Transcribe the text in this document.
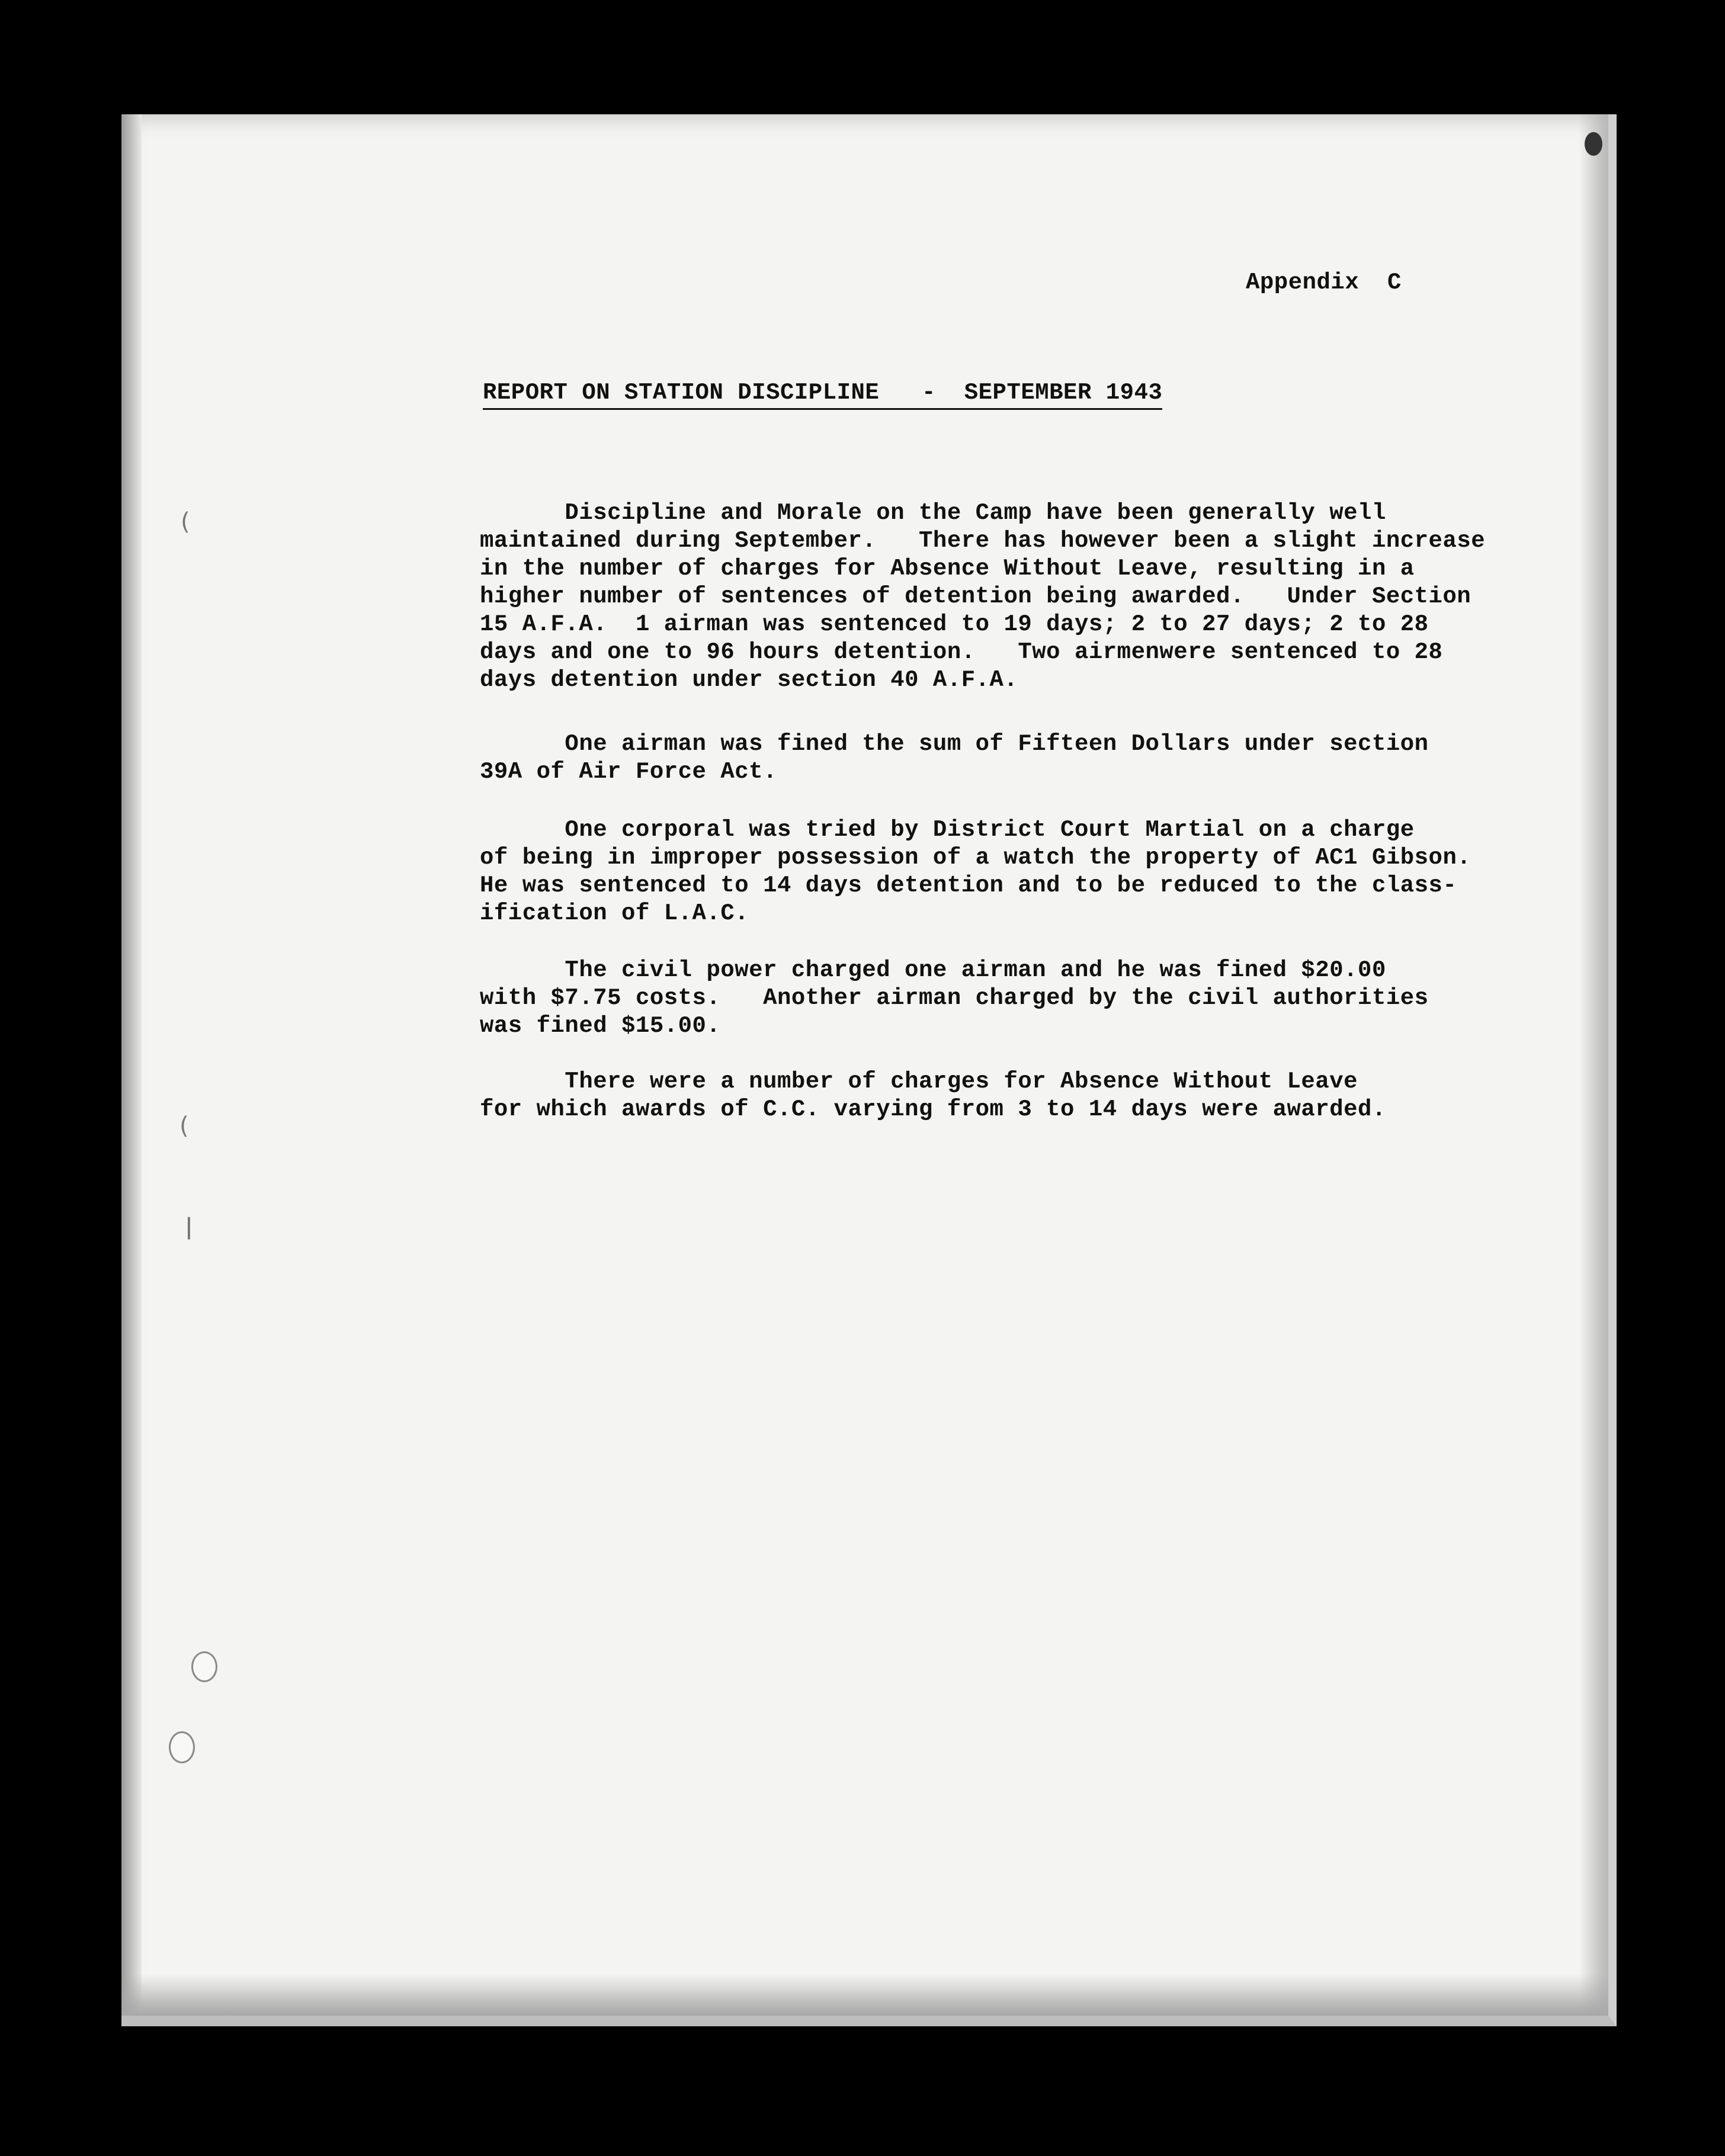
(
(
ǀ
Appendix  C
REPORT ON STATION DISCIPLINE   -  SEPTEMBER 1943
Discipline and Morale on the Camp have been generally well
maintained during September.   There has however been a slight increase
in the number of charges for Absence Without Leave, resulting in a
higher number of sentences of detention being awarded.   Under Section
15 A.F.A.  1 airman was sentenced to 19 days; 2 to 27 days; 2 to 28
days and one to 96 hours detention.   Two airmenwere sentenced to 28
days detention under section 40 A.F.A.
One airman was fined the sum of Fifteen Dollars under section
39A of Air Force Act.
One corporal was tried by District Court Martial on a charge
of being in improper possession of a watch the property of AC1 Gibson.
He was sentenced to 14 days detention and to be reduced to the class-
ification of L.A.C.
The civil power charged one airman and he was fined $20.00
with $7.75 costs.   Another airman charged by the civil authorities
was fined $15.00.
There were a number of charges for Absence Without Leave
for which awards of C.C. varying from 3 to 14 days were awarded.
